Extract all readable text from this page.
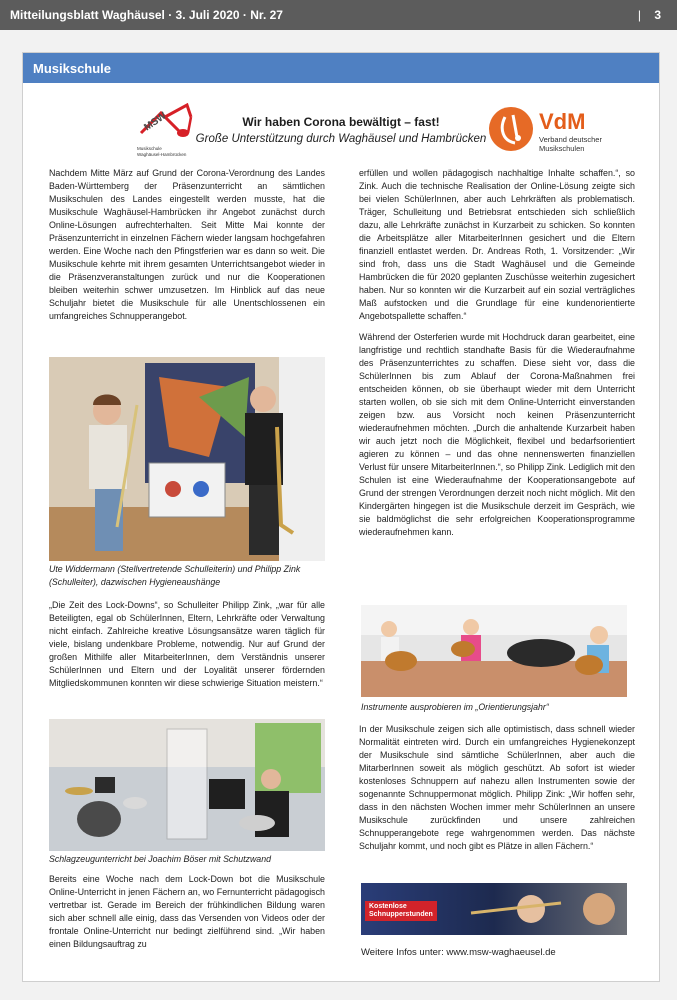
Mitteilungsblatt Waghäusel · 3. Juli 2020 · Nr. 27	| 3
Musikschule
MSW
Musikschule
Waghäusel-Hambrücken
VdM
Verband deutscher
Musikschulen
Wir haben Corona bewältigt – fast!
Große Unterstützung durch Waghäusel und Hambrücken

Nachdem Mitte März auf Grund der Corona-Verordnung des Landes Baden-Württemberg der Präsenzunterricht an sämtlichen Musikschulen des Landes eingestellt werden musste, hat die Musikschule Waghäusel-Hambrücken ihr Angebot zunächst durch Online-Lösungen aufrechterhalten. Seit Mitte Mai konnte der Präsenzunterricht in einzelnen Fächern wieder langsam hochgefahren werden. Eine Woche nach den Pfingstferien war es dann so weit. Die Musikschule kehrte mit ihrem gesamten Unterrichtsangebot wieder in die Präsenzveranstaltungen zurück und nur die Kooperationen bleiben weiterhin schwer umzusetzen. Im Hinblick auf das neue Schuljahr bietet die Musikschule für alle Unentschlossenen ein umfangreiches Schnupperangebot.

Ute Widdermann (Stellvertretende Schulleiterin) und Philipp Zink (Schulleiter), dazwischen Hygieneaushänge

„Die Zeit des Lock-Downs“, so Schulleiter Philipp Zink, „war für alle Beteiligten, egal ob SchülerInnen, Eltern, Lehrkräfte oder Verwaltung nicht einfach. Zahlreiche kreative Lösungsansätze waren täglich für viele, bislang undenkbare Probleme, notwendig. Nur auf Grund der großen Mithilfe aller MitarbeiterInnen, dem Verständnis unserer SchülerInnen und Eltern und der Loyalität unserer fördernden Mitgliedskommunen konnten wir diese schwierige Situation meistern.“

Schlagzeugunterricht bei Joachim Böser mit Schutzwand

Bereits eine Woche nach dem Lock-Down bot die Musikschule Online-Unterricht in jenen Fächern an, wo Fernunterricht pädagogisch vertretbar ist. Gerade im Bereich der frühkindlichen Bildung waren sich aber schnell alle einig, dass das Versenden von Videos oder der frontale Online-Unterricht nur bedingt zielführend sind. „Wir haben einen Bildungsauftrag zu

erfüllen und wollen pädagogisch nachhaltige Inhalte schaffen.“, so Zink. Auch die technische Realisation der Online-Lösung zeigte sich bei vielen SchülerInnen, aber auch Lehrkräften als problematisch. Träger, Schulleitung und Betriebsrat entschieden sich schließlich dazu, alle Lehrkräfte zunächst in Kurzarbeit zu schicken. So konnten die Arbeitsplätze aller MitarbeiterInnen gesichert und die Eltern finanziell entlastet werden. Dr. Andreas Roth, 1. Vorsitzender: „Wir sind froh, dass uns die Stadt Waghäusel und die Gemeinde Hambrücken die für 2020 geplanten Zuschüsse weiterhin zugesichert haben. Nur so konnten wir die Kurzarbeit auf ein sozial verträgliches Maß aufstocken und die Grundlage für eine kundenorientierte Angebotspallette schaffen.“

Während der Osterferien wurde mit Hochdruck daran gearbeitet, eine langfristige und rechtlich standhafte Basis für die Wiederaufnahme des Präsenzunterrichtes zu schaffen. Diese sieht vor, dass die SchülerInnen bis zum Ablauf der Corona-Maßnahmen frei entscheiden können, ob sie überhaupt wieder mit dem Unterricht starten wollen, ob sie sich mit dem Online-Unterricht einverstanden zeigen bzw. aus Vorsicht noch keinen Präsenzunterricht wiederaufnehmen möchten. „Durch die anhaltende Kurzarbeit haben wir auch jetzt noch die Möglichkeit, flexibel und bedarfsorientiert agieren zu können – und das ohne nennenswerten finanziellen Verlust für unsere MitarbeiterInnen.“, so Philipp Zink. Lediglich mit den Schulen ist eine Wiederaufnahme der Kooperationsangebote auf Grund der strengen Verordnungen derzeit noch nicht möglich. Mit den Kindergärten hingegen ist die Musikschule derzeit im Gespräch, wie sie baldmöglichst die sehr erfolgreichen Kooperationsprogramme wiederaufnehmen kann.

Instrumente ausprobieren im „Orientierungsjahr“

In der Musikschule zeigen sich alle optimistisch, dass schnell wieder Normalität eintreten wird. Durch ein umfangreiches Hygienekonzept der Musikschule sind sämtliche SchülerInnen, aber auch die MitarberInnen soweit als möglich geschützt. Ab sofort ist wieder kostenloses Schnuppern auf nahezu allen Instrumenten sowie der sogenannte Schnuppermonat möglich. Philipp Zink: „Wir hoffen sehr, dass in den nächsten Wochen immer mehr SchülerInnen an unsere Musikschule zurückfinden und unsere zahlreichen Schnupperangebote rege wahrgenommen werden. Das nächste Schuljahr kommt, und noch gibt es Plätze in allen Fächern.“

Kostenlose
Schnupperstunden
Weitere Infos unter: www.msw-waghaeusel.de
